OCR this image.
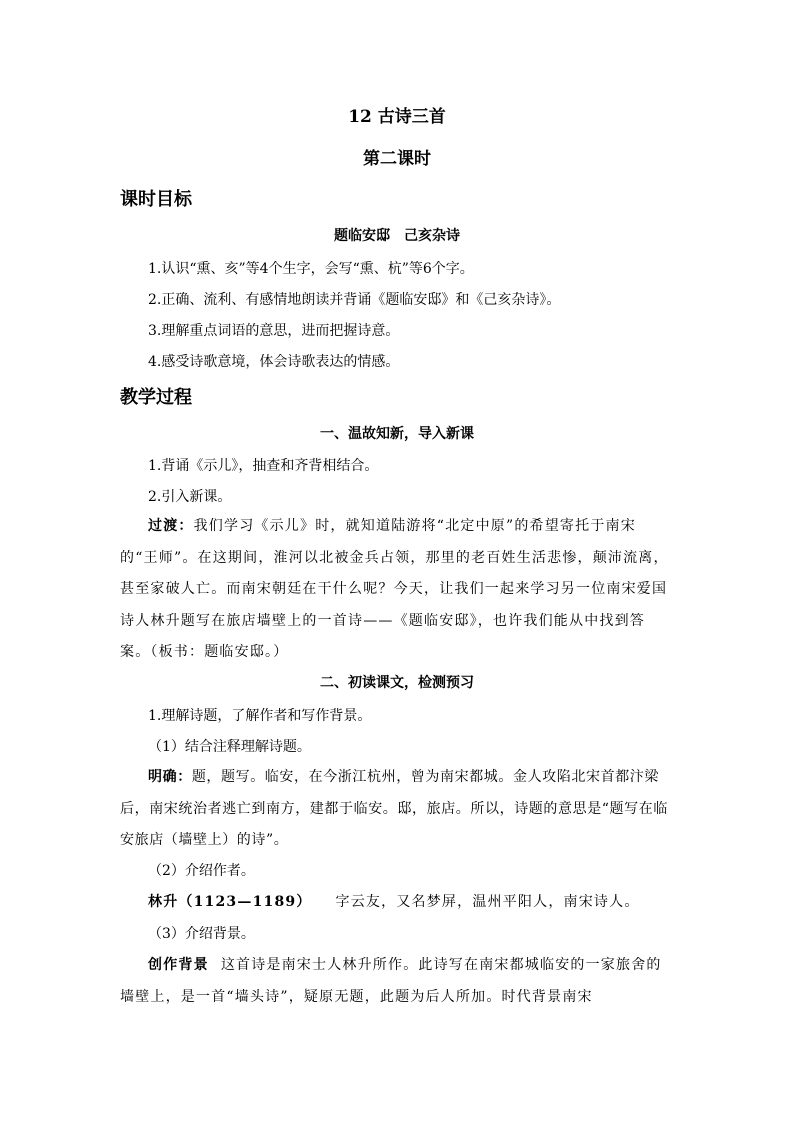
12 古诗三首
第二课时
课时目标
题临安邸　己亥杂诗
1.认识“熏、亥”等4个生字，会写“熏、杭”等6个字。
2.正确、流利、有感情地朗读并背诵《题临安邸》和《己亥杂诗》。
3.理解重点词语的意思，进而把握诗意。
4.感受诗歌意境，体会诗歌表达的情感。
教学过程
一、温故知新，导入新课
1.背诵《示儿》，抽查和齐背相结合。
2.引入新课。
过渡：我们学习《示儿》时，就知道陆游将“北定中原”的希望寄托于南宋的“王师”。在这期间，淮河以北被金兵占领，那里的老百姓生活悲惨，颠沛流离，甚至家破人亡。而南宋朝廷在干什么呢？今天，让我们一起来学习另一位南宋爱国诗人林升题写在旅店墙壁上的一首诗——《题临安邸》，也许我们能从中找到答案。（板书：题临安邸。）
二、初读课文，检测预习
1.理解诗题，了解作者和写作背景。
（1）结合注释理解诗题。
明确：题，题写。临安，在今浙江杭州，曾为南宋都城。金人攻陷北宋首都汴梁后，南宋统治者逃亡到南方，建都于临安。邸，旅店。所以，诗题的意思是“题写在临安旅店（墙壁上）的诗”。
（2）介绍作者。
林升（1123—1189） 字云友，又名梦屏，温州平阳人，南宋诗人。
（3）介绍背景。
创作背景 这首诗是南宋士人林升所作。此诗写在南宋都城临安的一家旅舍的墙壁上，是一首“墙头诗”，疑原无题，此题为后人所加。时代背景南宋
